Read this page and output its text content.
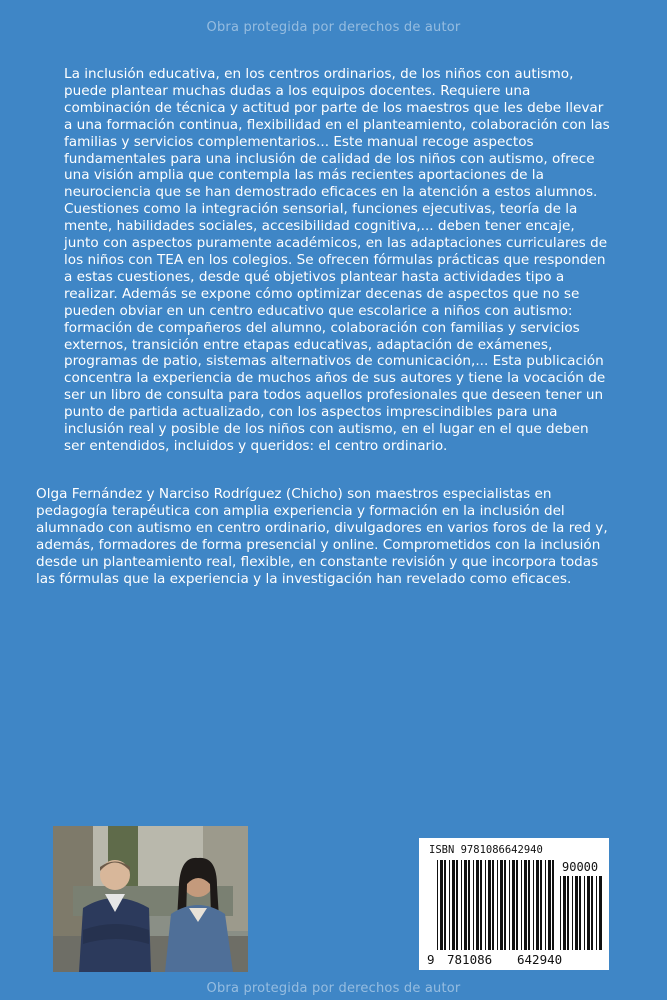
Obra protegida por derechos de autor

La inclusión educativa, en los centros ordinarios, de los niños con autismo, puede plantear muchas dudas a los equipos docentes. Requiere una combinación de técnica y actitud por parte de los maestros que les debe llevar a una formación continua, flexibilidad en el planteamiento, colaboración con las familias y servicios complementarios... Este manual recoge aspectos fundamentales para una inclusión de calidad de los niños con autismo, ofrece una visión amplia que contempla las más recientes aportaciones de la neurociencia que se han demostrado eficaces en la atención a estos alumnos. Cuestiones como la integración sensorial, funciones ejecutivas, teoría de la mente, habilidades sociales, accesibilidad cognitiva,... deben tener encaje, junto con aspectos puramente académicos, en las adaptaciones curriculares de los niños con TEA en los colegios. Se ofrecen fórmulas prácticas que responden a estas cuestiones, desde qué objetivos plantear hasta actividades tipo a realizar. Además se expone cómo optimizar decenas de aspectos que no se pueden obviar en un centro educativo que escolarice a niños con autismo: formación de compañeros del alumno, colaboración con familias y servicios externos, transición entre etapas educativas, adaptación de exámenes, programas de patio, sistemas alternativos de comunicación,... Esta publicación concentra la experiencia de muchos años de sus autores y tiene la vocación de ser un libro de consulta para todos aquellos profesionales que deseen tener un punto de partida actualizado, con los aspectos imprescindibles para una inclusión real y posible de los niños con autismo, en el lugar en el que deben ser entendidos, incluidos y queridos: el centro ordinario.

Olga Fernández y Narciso Rodríguez (Chicho) son maestros especialistas en pedagogía terapéutica con amplia experiencia y formación en la inclusión del alumnado con autismo en centro ordinario, divulgadores en varios foros de la red y, además, formadores de forma presencial y online. Comprometidos con la inclusión desde un planteamiento real, flexible, en constante revisión y que incorpora todas las fórmulas que la experiencia y la investigación han revelado como eficaces.

ISBN 9781086642940
90000
9 781086 642940
Obra protegida por derechos de autor
